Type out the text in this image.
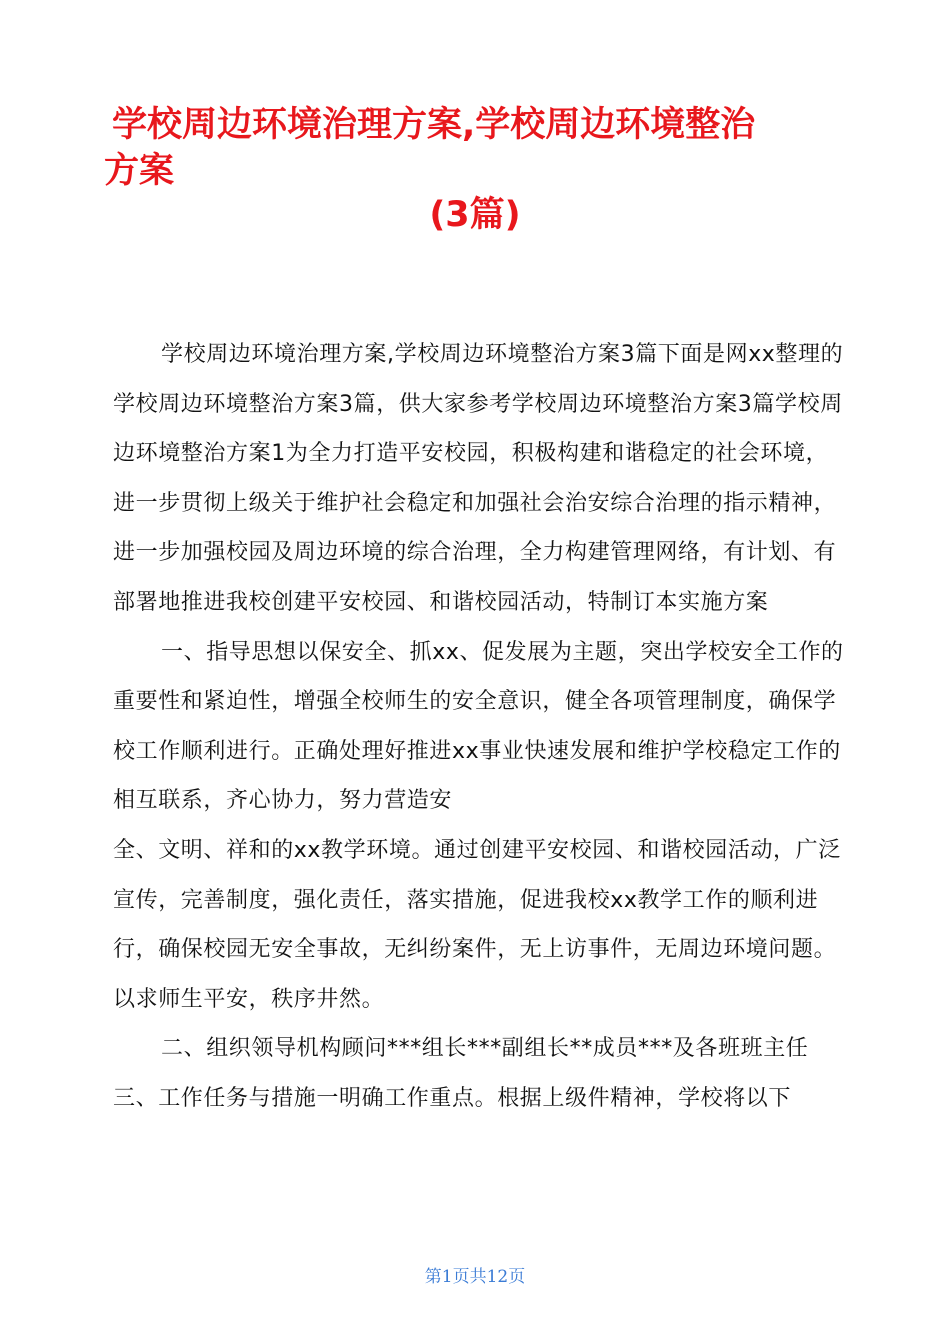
学校周边环境治理方案,学校周边环境整治
方案
(3篇)

学校周边环境治理方案,学校周边环境整治方案3篇下面是网xx整理的学校周边环境整治方案3篇，供大家参考学校周边环境整治方案3篇学校周边环境整治方案1为全力打造平安校园，积极构建和谐稳定的社会环境，进一步贯彻上级关于维护社会稳定和加强社会治安综合治理的指示精神，进一步加强校园及周边环境的综合治理，全力构建管理网络，有计划、有部署地推进我校创建平安校园、和谐校园活动，特制订本实施方案

一、指导思想以保安全、抓xx、促发展为主题，突出学校安全工作的重要性和紧迫性，增强全校师生的安全意识，健全各项管理制度，确保学校工作顺利进行。正确处理好推进xx事业快速发展和维护学校稳定工作的相互联系，齐心协力，努力营造安

全、文明、祥和的xx教学环境。通过创建平安校园、和谐校园活动，广泛宣传，完善制度，强化责任，落实措施，促进我校xx教学工作的顺利进行，确保校园无安全事故，无纠纷案件，无上访事件，无周边环境问题。以求师生平安，秩序井然。

二、组织领导机构顾问***组长***副组长**成员***及各班班主任

三、工作任务与措施一明确工作重点。根据上级件精神，学校将以下

第1页共12页
